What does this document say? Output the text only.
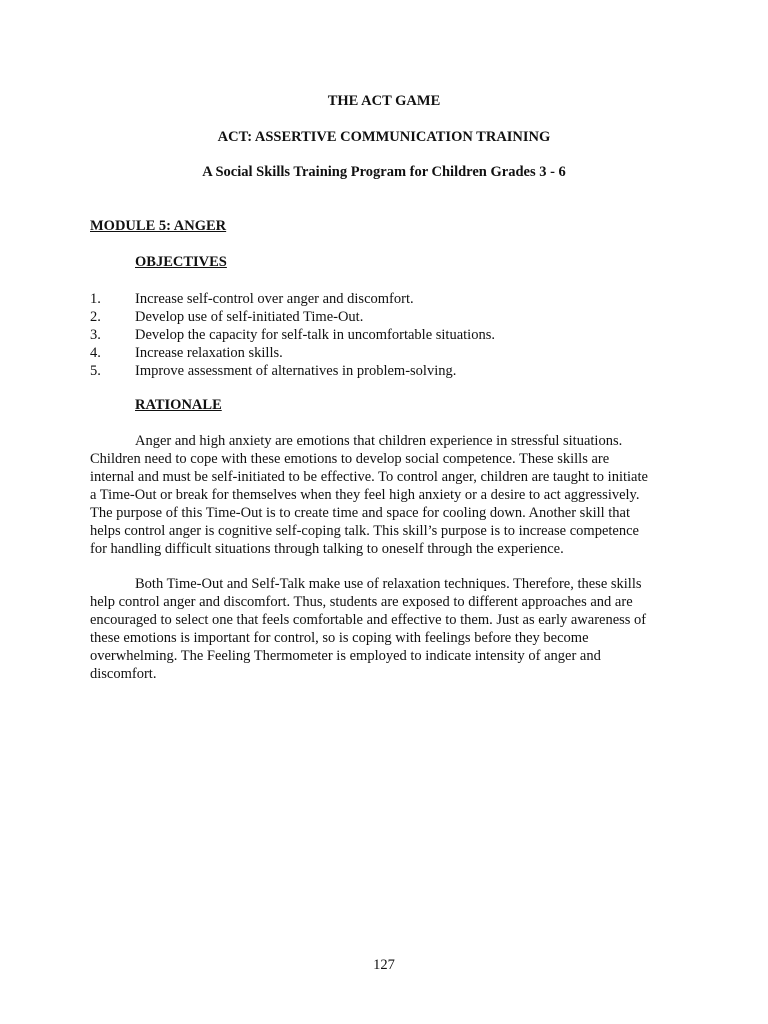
THE ACT GAME
ACT: ASSERTIVE COMMUNICATION TRAINING
A Social Skills Training Program for Children Grades 3 - 6
MODULE 5: ANGER
OBJECTIVES
1. Increase self-control over anger and discomfort.
2. Develop use of self-initiated Time-Out.
3. Develop the capacity for self-talk in uncomfortable situations.
4. Increase relaxation skills.
5. Improve assessment of alternatives in problem-solving.
RATIONALE

Anger and high anxiety are emotions that children experience in stressful situations.
Children need to cope with these emotions to develop social competence. These skills are
internal and must be self-initiated to be effective. To control anger, children are taught to initiate
a Time-Out or break for themselves when they feel high anxiety or a desire to act aggressively.
The purpose of this Time-Out is to create time and space for cooling down. Another skill that
helps control anger is cognitive self-coping talk. This skill’s purpose is to increase competence
for handling difficult situations through talking to oneself through the experience.

Both Time-Out and Self-Talk make use of relaxation techniques. Therefore, these skills
help control anger and discomfort. Thus, students are exposed to different approaches and are
encouraged to select one that feels comfortable and effective to them. Just as early awareness of
these emotions is important for control, so is coping with feelings before they become
overwhelming. The Feeling Thermometer is employed to indicate intensity of anger and
discomfort.

127
